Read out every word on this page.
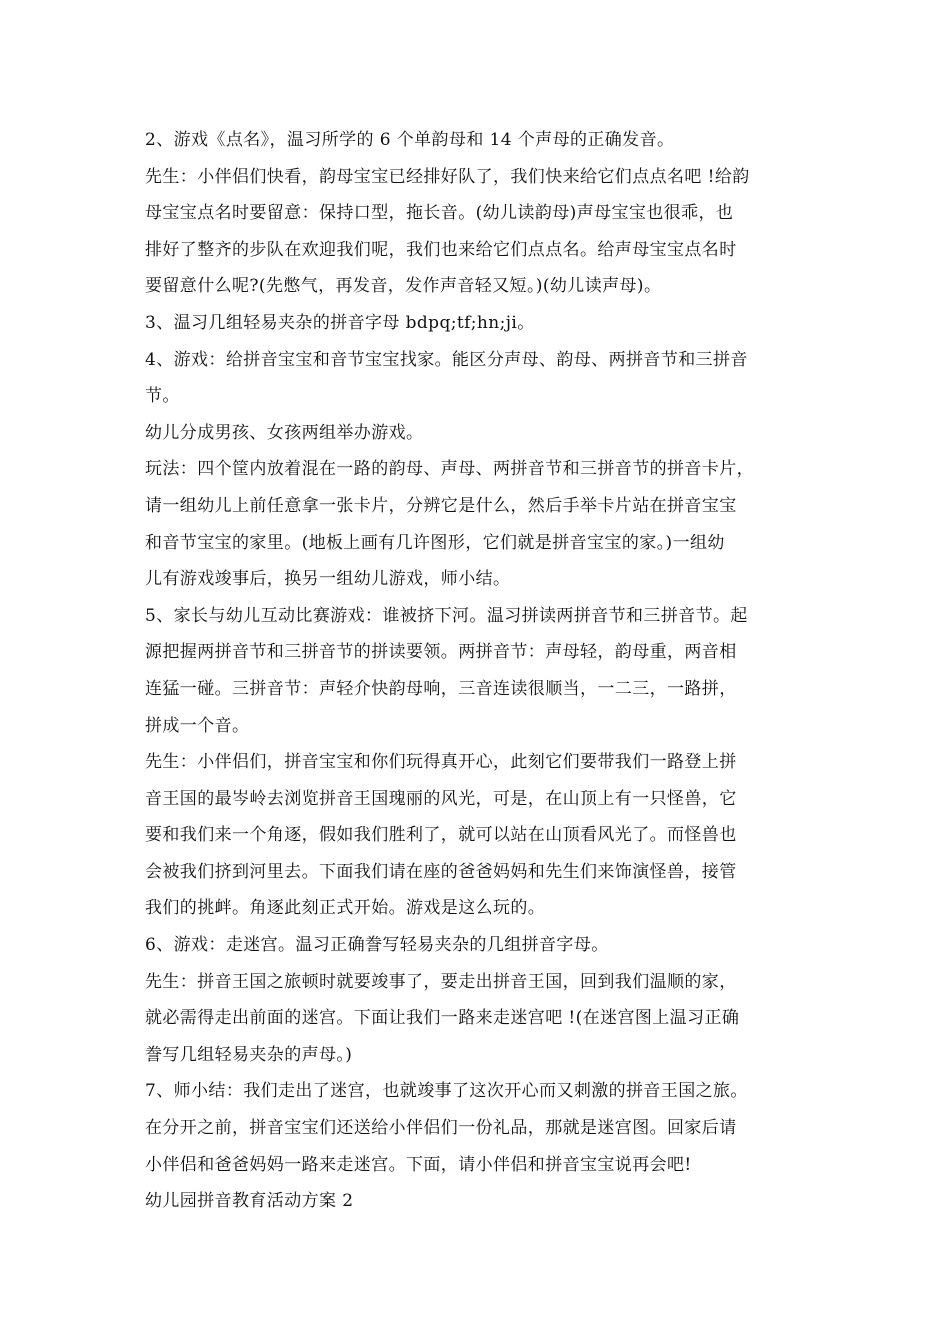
2、游戏《点名》，温习所学的 6 个单韵母和 14 个声母的正确发音。
先生：小伴侣们快看，韵母宝宝已经排好队了，我们快来给它们点点名吧 !给韵
母宝宝点名时要留意：保持口型，拖长音。(幼儿读韵母)声母宝宝也很乖，也
排好了整齐的步队在欢迎我们呢，我们也来给它们点点名。给声母宝宝点名时
要留意什么呢?(先憋气，再发音，发作声音轻又短。)(幼儿读声母)。
3、温习几组轻易夹杂的拼音字母 bdpq;tf;hn;ji。
4、游戏：给拼音宝宝和音节宝宝找家。能区分声母、韵母、两拼音节和三拼音
节。
幼儿分成男孩、女孩两组举办游戏。
玩法：四个筐内放着混在一路的韵母、声母、两拼音节和三拼音节的拼音卡片，
请一组幼儿上前任意拿一张卡片，分辨它是什么，然后手举卡片站在拼音宝宝
和音节宝宝的家里。(地板上画有几许图形，它们就是拼音宝宝的家。)一组幼
儿有游戏竣事后，换另一组幼儿游戏，师小结。
5、家长与幼儿互动比赛游戏：谁被挤下河。温习拼读两拼音节和三拼音节。起
源把握两拼音节和三拼音节的拼读要领。两拼音节：声母轻，韵母重，两音相
连猛一碰。三拼音节：声轻介快韵母响，三音连读很顺当，一二三，一路拼，
拼成一个音。
先生：小伴侣们，拼音宝宝和你们玩得真开心，此刻它们要带我们一路登上拼
音王国的最岑岭去浏览拼音王国瑰丽的风光，可是，在山顶上有一只怪兽，它
要和我们来一个角逐，假如我们胜利了，就可以站在山顶看风光了。而怪兽也
会被我们挤到河里去。下面我们请在座的爸爸妈妈和先生们来饰演怪兽，接管
我们的挑衅。角逐此刻正式开始。游戏是这么玩的。
6、游戏：走迷宫。温习正确誊写轻易夹杂的几组拼音字母。
先生：拼音王国之旅顿时就要竣事了，要走出拼音王国，回到我们温顺的家，
就必需得走出前面的迷宫。下面让我们一路来走迷宫吧 !(在迷宫图上温习正确
誊写几组轻易夹杂的声母。)
7、师小结：我们走出了迷宫，也就竣事了这次开心而又刺激的拼音王国之旅。
在分开之前，拼音宝宝们还送给小伴侣们一份礼品，那就是迷宫图。回家后请
小伴侣和爸爸妈妈一路来走迷宫。下面，请小伴侣和拼音宝宝说再会吧!
幼儿园拼音教育活动方案 2
